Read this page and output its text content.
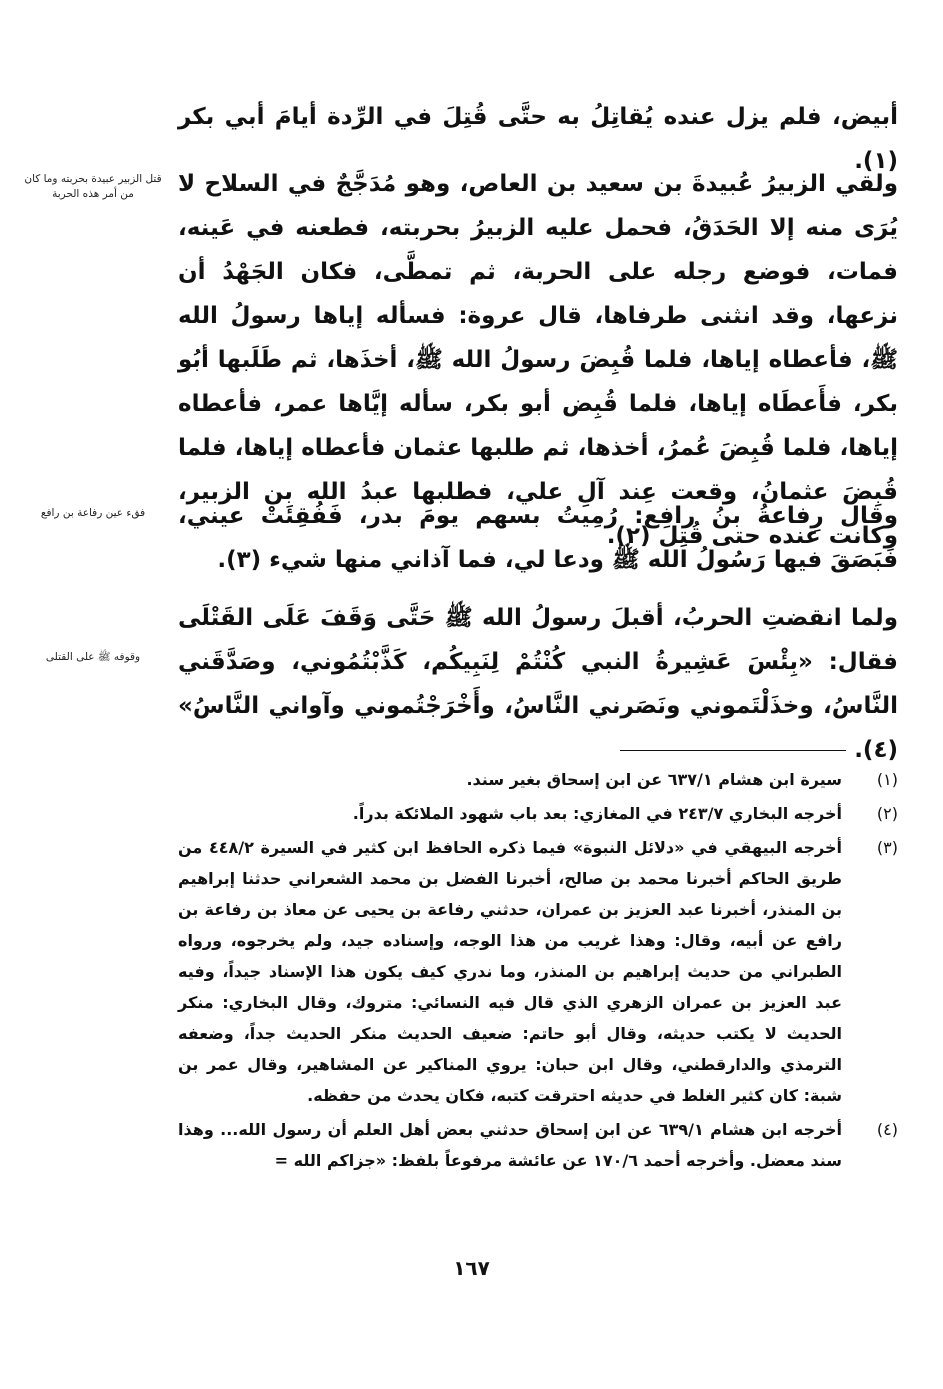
أبيض، فلم يزل عنده يُقاتِلُ به حتَّى قُتِلَ في الرِّدة أيامَ أبي بكر (١).
ولقي الزبيرُ عُبيدةَ بن سعيد بن العاص، وهو مُدَجَّجٌ في السلاح لا يُرَى منه إلا الحَدَقُ، فحمل عليه الزبيرُ بحربته، فطعنه في عَينه، فمات، فوضع رجله على الحربة، ثم تمطَّى، فكان الجَهْدُ أن نزعها، وقد انثنى طرفاها، قال عروة: فسأله إياها رسولُ الله ﷺ، فأعطاه إياها، فلما قُبِضَ رسولُ الله ﷺ، أخذَها، ثم طَلَبها أبُو بكر، فأَعطَاه إياها، فلما قُبِض أبو بكر، سأله إيَّاها عمر، فأعطاه إياها، فلما قُبِضَ عُمرُ، أخذها، ثم طلبها عثمان فأعطاه إياها، فلما قُبِضَ عثمانُ، وقعت عِند آلِ علي، فطلبها عبدُ الله بن الزبير، وكانت عنده حتى قُتِلَ (٢).
وقال رِفاعةُ بنُ رافع: رُمِيتُ بسهم يومَ بدر، فَفُقِئَتْ عيني، فَبَصَقَ فيها رَسُولُ الله ﷺ ودعا لي، فما آذاني منها شيء (٣).
ولما انقضتِ الحربُ، أقبلَ رسولُ الله ﷺ حَتَّى وَقَفَ عَلَى القَتْلَى فقال: «بِئْسَ عَشِيرةُ النبي كُنْتُمْ لِنَبِيكُم، كَذَّبْتُمُوني، وصَدَّقَني النَّاسُ، وخذَلْتَموني ونَصَرني النَّاسُ، وأَخْرَجْتُموني وآواني النَّاسُ» (٤).
قتل الزبير عبيدة بحربته وما كان من أمر هذه الحربة
فقء عين رفاعة بن رافع
وقوفه ﷺ على القتلى
(١)
سيرة ابن هشام ٦٣٧/١ عن ابن إسحاق بغير سند.
(٢)
أخرجه البخاري ٢٤٣/٧ في المغازي: بعد باب شهود الملائكة بدراً.
(٣)
أخرجه البيهقي في «دلائل النبوة» فيما ذكره الحافظ ابن كثير في السيرة ٤٤٨/٢ من طريق الحاكم أخبرنا محمد بن صالح، أخبرنا الفضل بن محمد الشعراني حدثنا إبراهيم بن المنذر، أخبرنا عبد العزيز بن عمران، حدثني رفاعة بن يحيى عن معاذ بن رفاعة بن رافع عن أبيه، وقال: وهذا غريب من هذا الوجه، وإسناده جيد، ولم يخرجوه، ورواه الطبراني من حديث إبراهيم بن المنذر، وما ندري كيف يكون هذا الإسناد جيداً، وفيه عبد العزيز بن عمران الزهري الذي قال فيه النسائي: متروك، وقال البخاري: منكر الحديث لا يكتب حديثه، وقال أبو حاتم: ضعيف الحديث منكر الحديث جداً، وضعفه الترمذي والدارقطني، وقال ابن حبان: يروي المناكير عن المشاهير، وقال عمر بن شبة: كان كثير الغلط في حديثه احترقت كتبه، فكان يحدث من حفظه.
(٤)
أخرجه ابن هشام ٦٣٩/١ عن ابن إسحاق حدثني بعض أهل العلم أن رسول الله... وهذا سند معضل. وأخرجه أحمد ١٧٠/٦ عن عائشة مرفوعاً بلفظ: «جزاكم الله =
١٦٧
